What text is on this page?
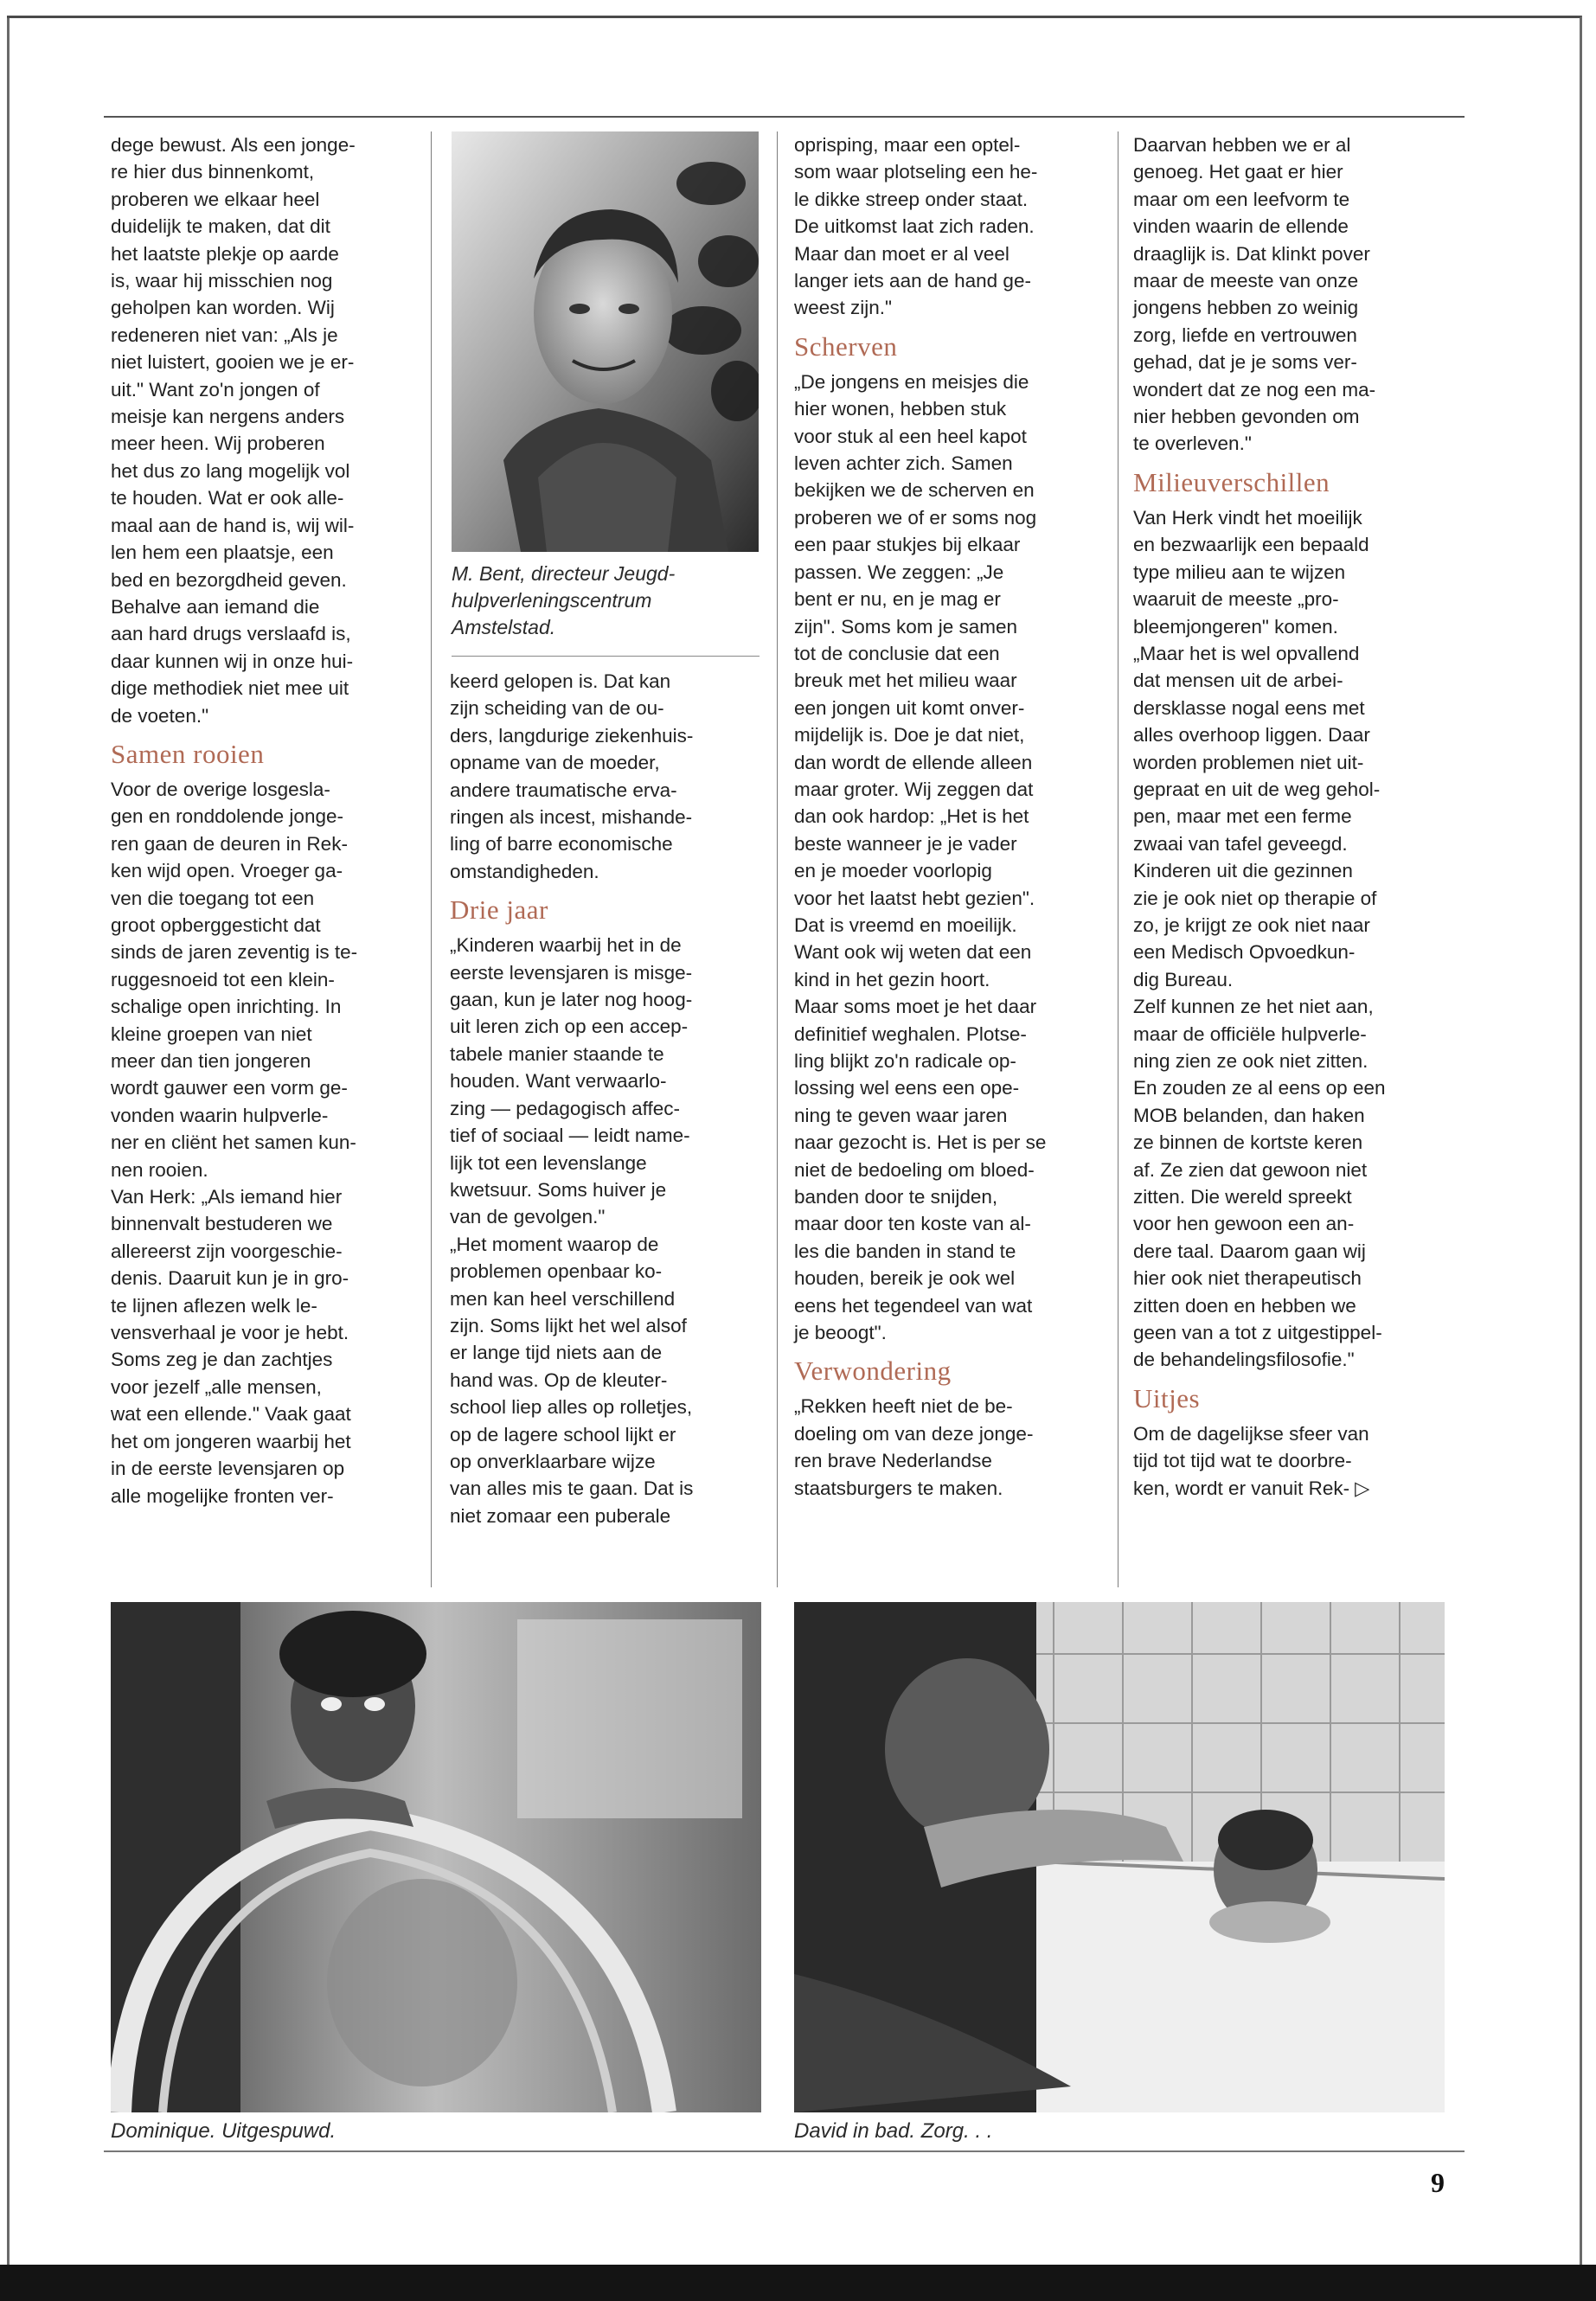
dege bewust. Als een jonge-

re hier dus binnenkomt,

proberen we elkaar heel

duidelijk te maken, dat dit

het laatste plekje op aarde

is, waar hij misschien nog

geholpen kan worden. Wij

redeneren niet van: „Als je

niet luistert, gooien we je er-

uit." Want zo'n jongen of

meisje kan nergens anders

meer heen. Wij proberen

het dus zo lang mogelijk vol

te houden. Wat er ook alle-

maal aan de hand is, wij wil-

len hem een plaatsje, een

bed en bezorgdheid geven.

Behalve aan iemand die

aan hard drugs verslaafd is,

daar kunnen wij in onze hui-

dige methodiek niet mee uit

de voeten."

Samen rooien

Voor de overige losgesla-

gen en ronddolende jonge-

ren gaan de deuren in Rek-

ken wijd open. Vroeger ga-

ven die toegang tot een

groot opberggesticht dat

sinds de jaren zeventig is te-

ruggesnoeid tot een klein-

schalige open inrichting. In

kleine groepen van niet

meer dan tien jongeren

wordt gauwer een vorm ge-

vonden waarin hulpverle-

ner en cliënt het samen kun-

nen rooien.

Van Herk: „Als iemand hier

binnenvalt bestuderen we

allereerst zijn voorgeschie-

denis. Daaruit kun je in gro-

te lijnen aflezen welk le-

vensverhaal je voor je hebt.

Soms zeg je dan zachtjes

voor jezelf „alle mensen,

wat een ellende." Vaak gaat

het om jongeren waarbij het

in de eerste levensjaren op

alle mogelijke fronten ver-

M. Bent, directeur Jeugd-
hulpverleningscentrum
Amstelstad.

keerd gelopen is. Dat kan

zijn scheiding van de ou-

ders, langdurige ziekenhuis-

opname van de moeder,

andere traumatische erva-

ringen als incest, mishande-

ling of barre economische

omstandigheden.

Drie jaar

„Kinderen waarbij het in de

eerste levensjaren is misge-

gaan, kun je later nog hoog-

uit leren zich op een accep-

tabele manier staande te

houden. Want verwaarlo-

zing — pedagogisch affec-

tief of sociaal — leidt name-

lijk tot een levenslange

kwetsuur. Soms huiver je

van de gevolgen."

„Het moment waarop de

problemen openbaar ko-

men kan heel verschillend

zijn. Soms lijkt het wel alsof

er lange tijd niets aan de

hand was. Op de kleuter-

school liep alles op rolletjes,

op de lagere school lijkt er

op onverklaarbare wijze

van alles mis te gaan. Dat is

niet zomaar een puberale

oprisping, maar een optel-

som waar plotseling een he-

le dikke streep onder staat.

De uitkomst laat zich raden.

Maar dan moet er al veel

langer iets aan de hand ge-

weest zijn."

Scherven

„De jongens en meisjes die

hier wonen, hebben stuk

voor stuk al een heel kapot

leven achter zich. Samen

bekijken we de scherven en

proberen we of er soms nog

een paar stukjes bij elkaar

passen. We zeggen: „Je

bent er nu, en je mag er

zijn". Soms kom je samen

tot de conclusie dat een

breuk met het milieu waar

een jongen uit komt onver-

mijdelijk is. Doe je dat niet,

dan wordt de ellende alleen

maar groter. Wij zeggen dat

dan ook hardop: „Het is het

beste wanneer je je vader

en je moeder voorlopig

voor het laatst hebt gezien".

Dat is vreemd en moeilijk.

Want ook wij weten dat een

kind in het gezin hoort.

Maar soms moet je het daar

definitief weghalen. Plotse-

ling blijkt zo'n radicale op-

lossing wel eens een ope-

ning te geven waar jaren

naar gezocht is. Het is per se

niet de bedoeling om bloed-

banden door te snijden,

maar door ten koste van al-

les die banden in stand te

houden, bereik je ook wel

eens het tegendeel van wat

je beoogt".

Verwondering

„Rekken heeft niet de be-

doeling om van deze jonge-

ren brave Nederlandse

staatsburgers te maken.

Daarvan hebben we er al

genoeg. Het gaat er hier

maar om een leefvorm te

vinden waarin de ellende

draaglijk is. Dat klinkt pover

maar de meeste van onze

jongens hebben zo weinig

zorg, liefde en vertrouwen

gehad, dat je je soms ver-

wondert dat ze nog een ma-

nier hebben gevonden om

te overleven."

Milieuverschillen

Van Herk vindt het moeilijk

en bezwaarlijk een bepaald

type milieu aan te wijzen

waaruit de meeste „pro-

bleemjongeren" komen.

„Maar het is wel opvallend

dat mensen uit de arbei-

dersklasse nogal eens met

alles overhoop liggen. Daar

worden problemen niet uit-

gepraat en uit de weg gehol-

pen, maar met een ferme

zwaai van tafel geveegd.

Kinderen uit die gezinnen

zie je ook niet op therapie of

zo, je krijgt ze ook niet naar

een Medisch Opvoedkun-

dig Bureau.

Zelf kunnen ze het niet aan,

maar de officiële hulpverle-

ning zien ze ook niet zitten.

En zouden ze al eens op een

MOB belanden, dan haken

ze binnen de kortste keren

af. Ze zien dat gewoon niet

zitten. Die wereld spreekt

voor hen gewoon een an-

dere taal. Daarom gaan wij

hier ook niet therapeutisch

zitten doen en hebben we

geen van a tot z uitgestippel-

de behandelingsfilosofie."

Uitjes

Om de dagelijkse sfeer van

tijd tot tijd wat te doorbre-

ken, wordt er vanuit Rek- ▷

Dominique. Uitgespuwd.	David in bad. Zorg. . .
9
